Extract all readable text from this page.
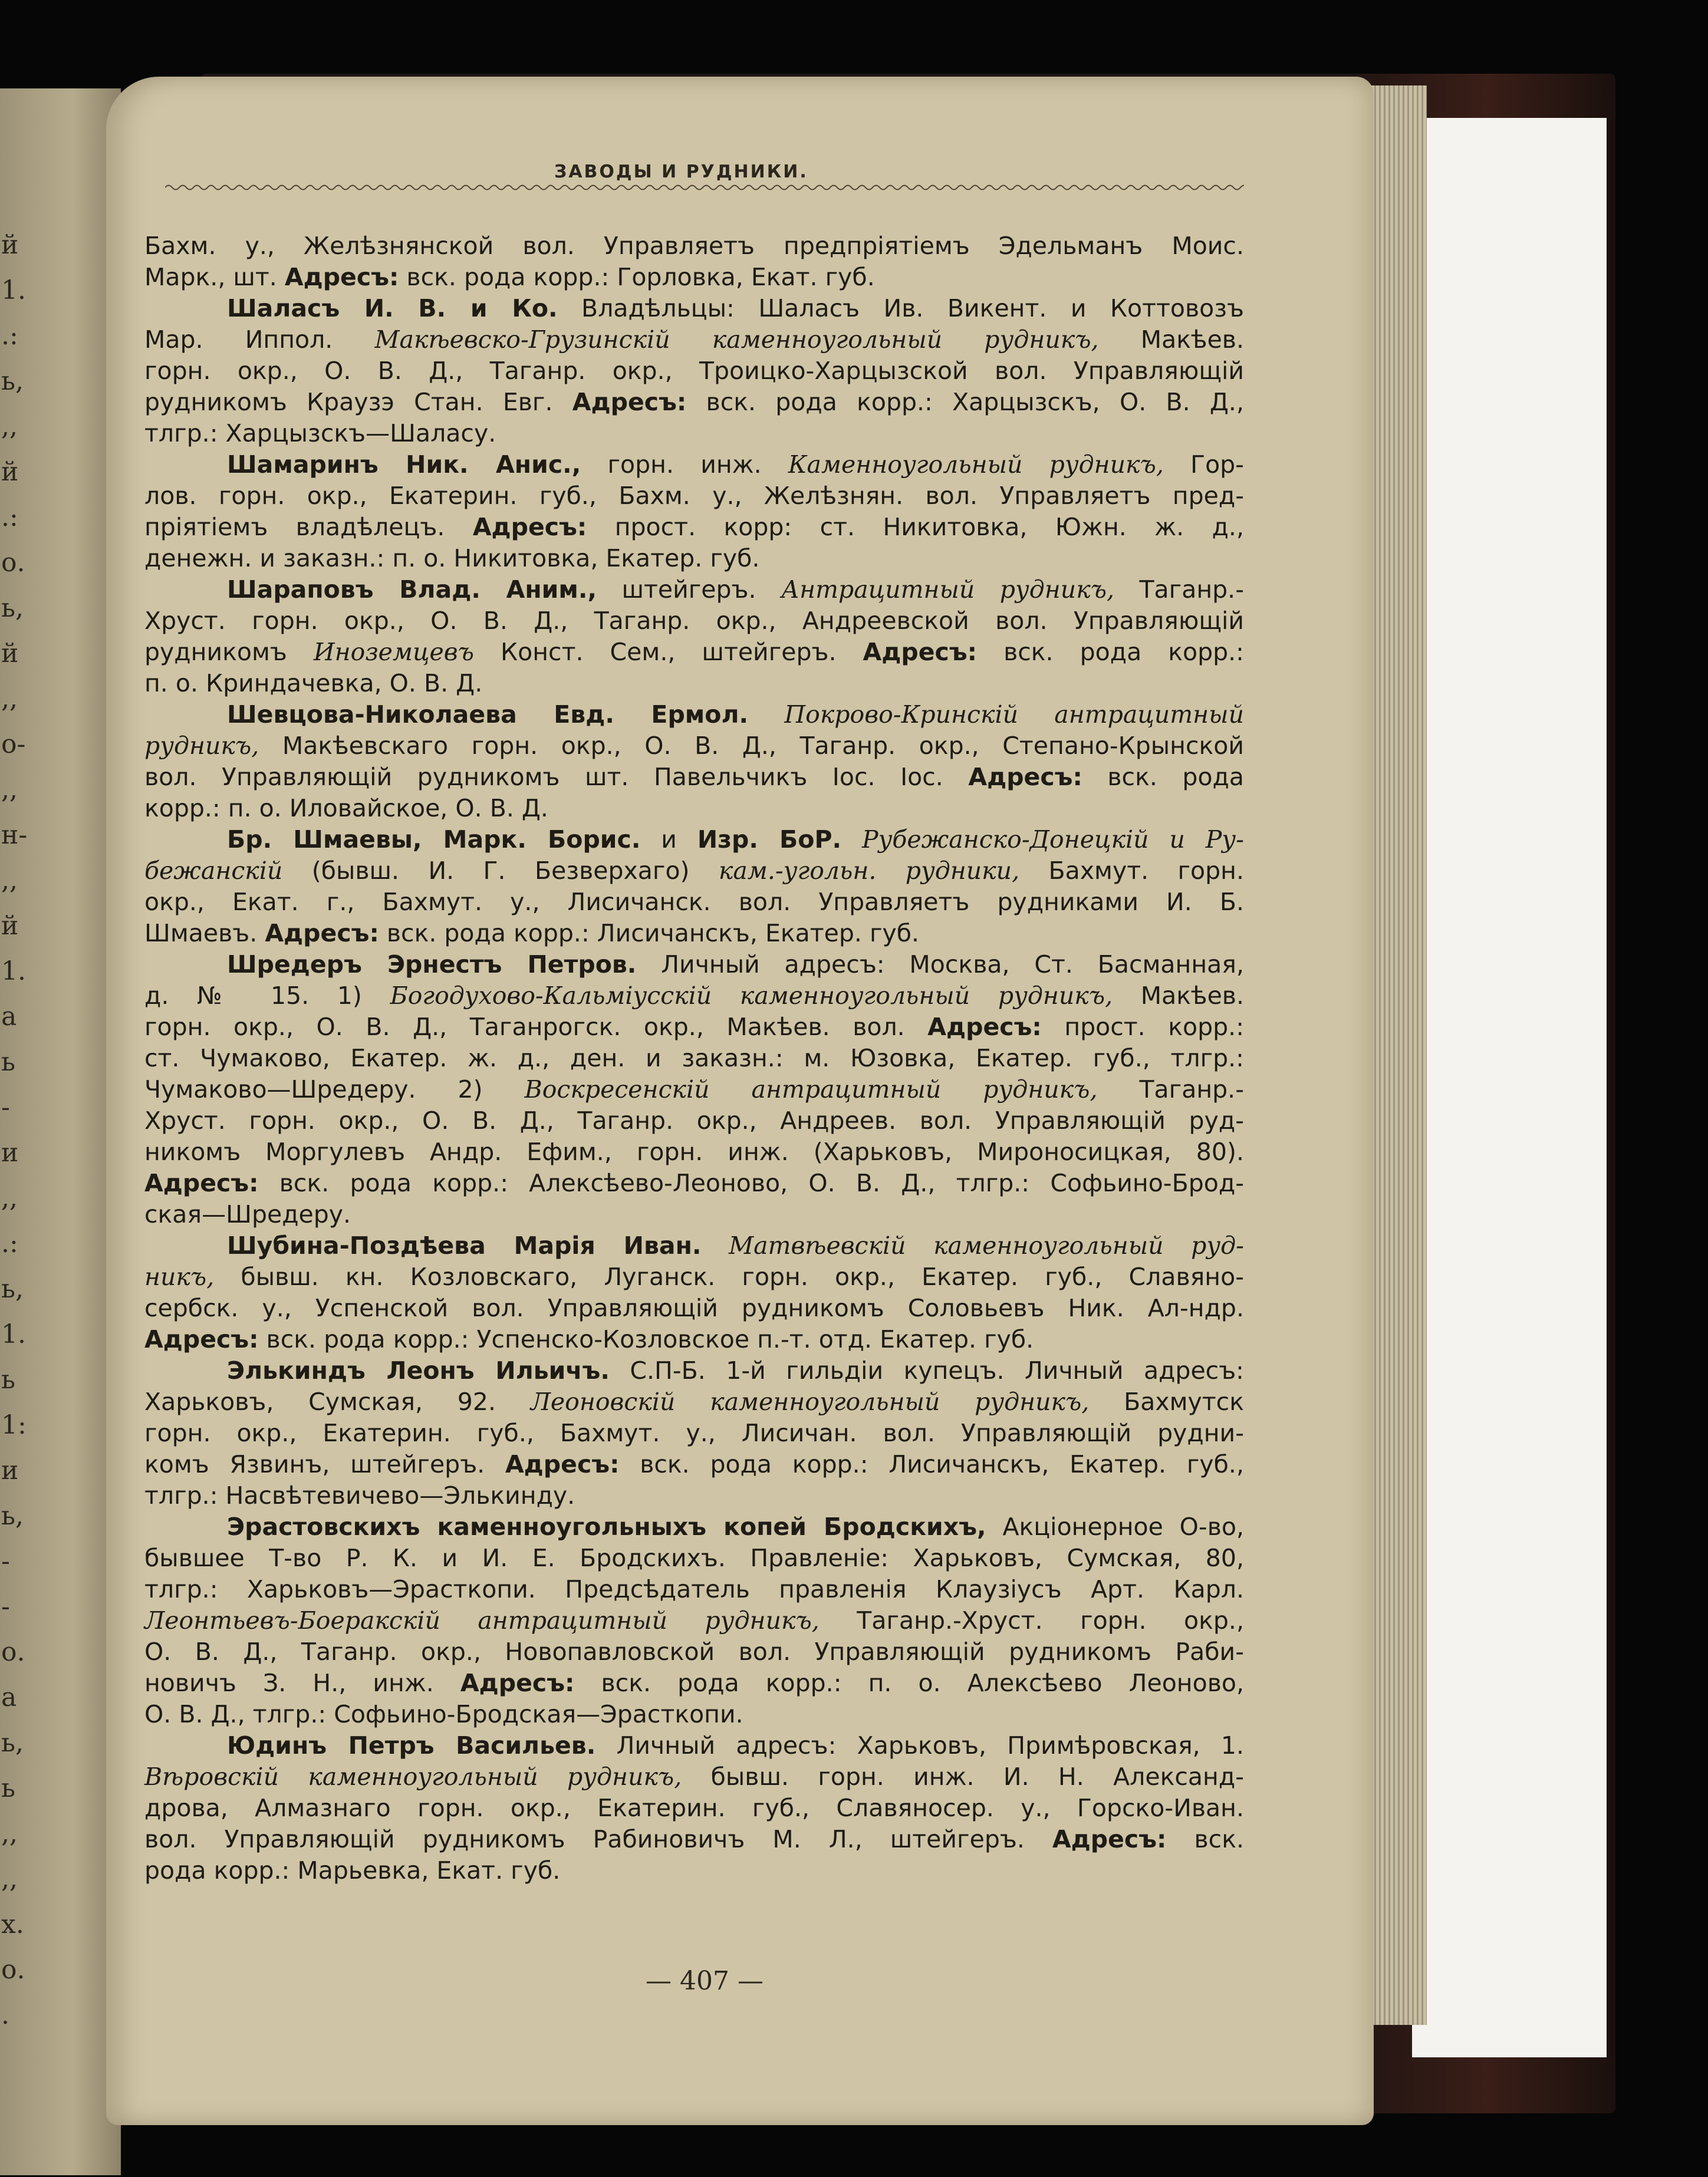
й
1.
.:
ь,
,,
й
.:
о.
ь,
й
,,
о-
,,
н-
,,
й
1.
а
ь
-
и
,,
.:
ь,
1.
ь
1:
и
ь,
-
-
о.
а
ь,
ь
,,
,,
х.
о.
.
ЗАВОДЫ И РУДНИКИ.
Бахм. у., Желѣзнянской вол. Управляетъ предпріятіемъ Эдельманъ Моис.
Марк., шт. Адресъ: вск. рода корр.: Горловка, Екат. губ.
Шаласъ И. В. и Ко. Владѣльцы: Шаласъ Ив. Викент. и Коттовозъ
Мар. Иппол. Макѣевско-Грузинскій каменноугольный рудникъ, Макѣев.
горн. окр., О. В. Д., Таганр. окр., Троицко-Харцызской вол. Управляющій
рудникомъ Краузэ Стан. Евг. Адресъ: вск. рода корр.: Харцызскъ, О. В. Д.,
тлгр.: Харцызскъ—Шаласу.
Шамаринъ Ник. Анис., горн. инж. Каменноугольный рудникъ, Гор-
лов. горн. окр., Екатерин. губ., Бахм. у., Желѣзнян. вол. Управляетъ пред-
пріятіемъ владѣлецъ. Адресъ: прост. корр: ст. Никитовка, Южн. ж. д.,
денежн. и заказн.: п. о. Никитовка, Екатер. губ.
Шараповъ Влад. Аним., штейгеръ. Антрацитный рудникъ, Таганр.-
Хруст. горн. окр., О. В. Д., Таганр. окр., Андреевской вол. Управляющій
рудникомъ Иноземцевъ Конст. Сем., штейгеръ. Адресъ: вск. рода корр.:
п. о. Криндачевка, О. В. Д.
Шевцова-Николаева Евд. Ермол. Покрово-Кринскій антрацитный
рудникъ, Макѣевскаго горн. окр., О. В. Д., Таганр. окр., Степано-Крынской
вол. Управляющій рудникомъ шт. Павельчикъ Іос. Іос. Адресъ: вск. рода
корр.: п. о. Иловайское, О. В. Д.
Бр. Шмаевы, Марк. Борис. и Изр. БоР. Рубежанско-Донецкій и Ру-
бежанскій (бывш. И. Г. Безверхаго) кам.-угольн. рудники, Бахмут. горн.
окр., Екат. г., Бахмут. у., Лисичанск. вол. Управляетъ рудниками И. Б.
Шмаевъ. Адресъ: вск. рода корр.: Лисичанскъ, Екатер. губ.
Шредеръ Эрнестъ Петров. Личный адресъ: Москва, Ст. Басманная,
д. № 15. 1) Богодухово-Кальміусскій каменноугольный рудникъ, Макѣев.
горн. окр., О. В. Д., Таганрогск. окр., Макѣев. вол. Адресъ: прост. корр.:
ст. Чумаково, Екатер. ж. д., ден. и заказн.: м. Юзовка, Екатер. губ., тлгр.:
Чумаково—Шредеру. 2) Воскресенскій антрацитный рудникъ, Таганр.-
Хруст. горн. окр., О. В. Д., Таганр. окр., Андреев. вол. Управляющій руд-
никомъ Моргулевъ Андр. Ефим., горн. инж. (Харьковъ, Мироносицкая, 80).
Адресъ: вск. рода корр.: Алексѣево-Леоново, О. В. Д., тлгр.: Софьино-Брод-
ская—Шредеру.
Шубина-Поздѣева Марія Иван. Матвѣевскій каменноугольный руд-
никъ, бывш. кн. Козловскаго, Луганск. горн. окр., Екатер. губ., Славяно-
сербск. у., Успенской вол. Управляющій рудникомъ Соловьевъ Ник. Ал-ндр.
Адресъ: вск. рода корр.: Успенско-Козловское п.-т. отд. Екатер. губ.
Элькиндъ Леонъ Ильичъ. С.П-Б. 1-й гильдіи купецъ. Личный адресъ:
Харьковъ, Сумская, 92. Леоновскій каменноугольный рудникъ, Бахмутск
горн. окр., Екатерин. губ., Бахмут. у., Лисичан. вол. Управляющій рудни-
комъ Язвинъ, штейгеръ. Адресъ: вск. рода корр.: Лисичанскъ, Екатер. губ.,
тлгр.: Насвѣтевичево—Элькинду.
Эрастовскихъ каменноугольныхъ копей Бродскихъ, Акціонерное О-во,
бывшее Т-во Р. К. и И. Е. Бродскихъ. Правленіе: Харьковъ, Сумская, 80,
тлгр.: Харьковъ—Эрасткопи. Предсѣдатель правленія Клаузіусъ Арт. Карл.
Леонтьевъ-Боеракскій антрацитный рудникъ, Таганр.-Хруст. горн. окр.,
О. В. Д., Таганр. окр., Новопавловской вол. Управляющій рудникомъ Раби-
новичъ З. Н., инж. Адресъ: вск. рода корр.: п. о. Алексѣево Леоново,
О. В. Д., тлгр.: Софьино-Бродская—Эрасткопи.
Юдинъ Петръ Васильев. Личный адресъ: Харьковъ, Примѣровская, 1.
Вѣровскій каменноугольный рудникъ, бывш. горн. инж. И. Н. Александ-
дрова, Алмазнаго горн. окр., Екатерин. губ., Славяносер. у., Горско-Иван.
вол. Управляющій рудникомъ Рабиновичъ М. Л., штейгеръ. Адресъ: вск.
рода корр.: Марьевка, Екат. губ.
— 407 —
